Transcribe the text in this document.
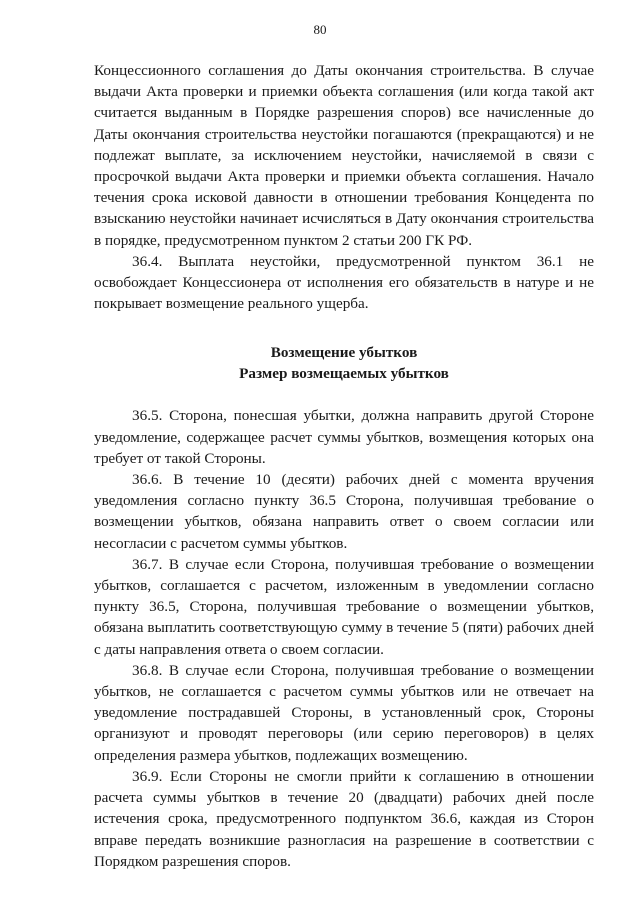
80

Концессионного соглашения до Даты окончания строительства. В случае выдачи Акта проверки и приемки объекта соглашения (или когда такой акт считается выданным в Порядке разрешения споров) все начисленные до Даты окончания строительства неустойки погашаются (прекращаются) и не подлежат выплате, за исключением неустойки, начисляемой в связи с просрочкой выдачи Акта проверки и приемки объекта соглашения. Начало течения срока исковой давности в отношении требования Концедента по взысканию неустойки начинает исчисляться в Дату окончания строительства в порядке, предусмотренном пунктом 2 статьи 200 ГК РФ.

36.4. Выплата неустойки, предусмотренной пунктом 36.1 не освобождает Концессионера от исполнения его обязательств в натуре и не покрывает возмещение реального ущерба.

Возмещение убытков
Размер возмещаемых убытков

36.5. Сторона, понесшая убытки, должна направить другой Стороне уведомление, содержащее расчет суммы убытков, возмещения которых она требует от такой Стороны.

36.6. В течение 10 (десяти) рабочих дней с момента вручения уведомления согласно пункту 36.5 Сторона, получившая требование о возмещении убытков, обязана направить ответ о своем согласии или несогласии с расчетом суммы убытков.

36.7. В случае если Сторона, получившая требование о возмещении убытков, соглашается с расчетом, изложенным в уведомлении согласно пункту 36.5, Сторона, получившая требование о возмещении убытков, обязана выплатить соответствующую сумму в течение 5 (пяти) рабочих дней с даты направления ответа о своем согласии.

36.8. В случае если Сторона, получившая требование о возмещении убытков, не соглашается с расчетом суммы убытков или не отвечает на уведомление пострадавшей Стороны, в установленный срок, Стороны организуют и проводят переговоры (или серию переговоров) в целях определения размера убытков, подлежащих возмещению.

36.9. Если Стороны не смогли прийти к соглашению в отношении расчета суммы убытков в течение 20 (двадцати) рабочих дней после истечения срока, предусмотренного подпунктом 36.6, каждая из Сторон вправе передать возникшие разногласия на разрешение в соответствии с Порядком разрешения споров.
